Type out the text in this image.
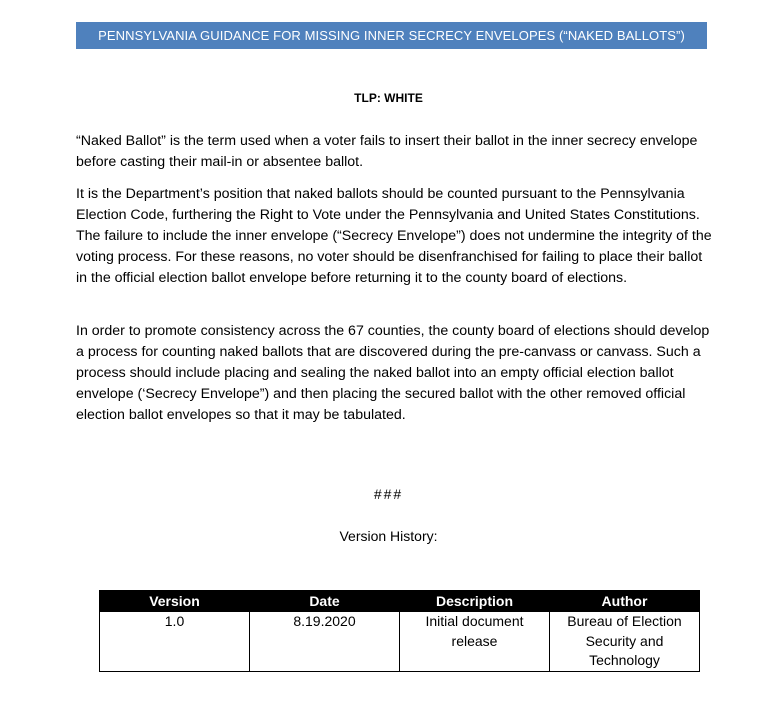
PENNSYLVANIA GUIDANCE FOR MISSING INNER SECRECY ENVELOPES (“NAKED BALLOTS”)
TLP: WHITE

“Naked Ballot” is the term used when a voter fails to insert their ballot in the inner secrecy envelope before casting their mail-in or absentee ballot.

It is the Department’s position that naked ballots should be counted pursuant to the Pennsylvania Election Code, furthering the Right to Vote under the Pennsylvania and United States Constitutions. The failure to include the inner envelope (“Secrecy Envelope”) does not undermine the integrity of the voting process. For these reasons, no voter should be disenfranchised for failing to place their ballot in the official election ballot envelope before returning it to the county board of elections.

In order to promote consistency across the 67 counties, the county board of elections should develop a process for counting naked ballots that are discovered during the pre-canvass or canvass. Such a process should include placing and sealing the naked ballot into an empty official election ballot envelope (‘Secrecy Envelope”) and then placing the secured ballot with the other removed official election ballot envelopes so that it may be tabulated.

###
Version History:
Version	Date	Description	Author
1.0	8.19.2020	Initial document release	Bureau of Election Security and Technology
